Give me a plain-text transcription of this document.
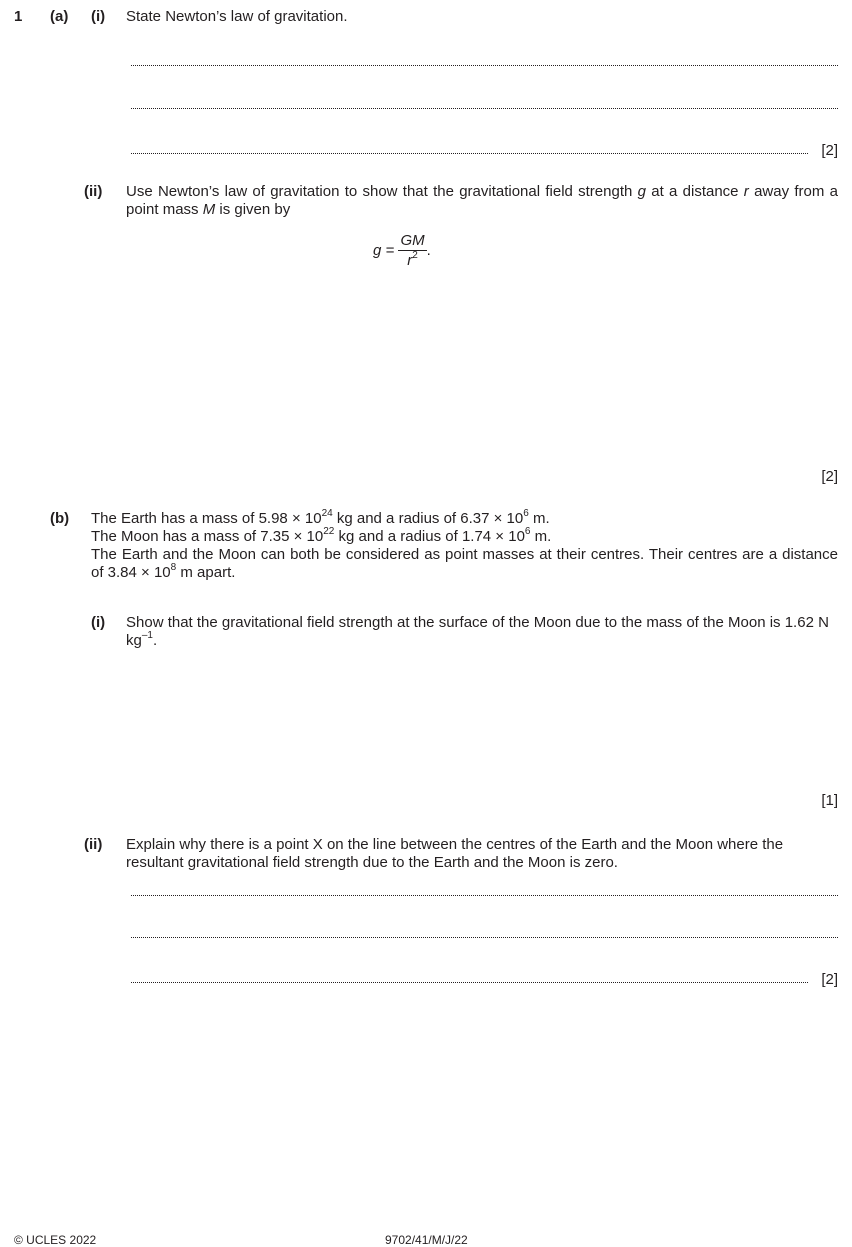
1 (a) (i) State Newton’s law of gravitation.
[2]
(ii) Use Newton’s law of gravitation to show that the gravitational field strength g at a distance r away from a point mass M is given by
$g = \frac{GM}{r^2}$ .
[2]
(b) The Earth has a mass of $5.98 \times 10^{24}$ kg and a radius of $6.37 \times 10^6$ m.
The Moon has a mass of $7.35 \times 10^{22}$ kg and a radius of $1.74 \times 10^6$ m.
The Earth and the Moon can both be considered as point masses at their centres. Their centres are a distance of $3.84 \times 10^8$ m apart.
(i) Show that the gravitational field strength at the surface of the Moon due to the mass of the Moon is 1.62 N $kg^{-1}$.
[1]
(ii) Explain why there is a point X on the line between the centres of the Earth and the Moon where the resultant gravitational field strength due to the Earth and the Moon is zero.
[2]
© UCLES 2022	9702/41/M/J/22
